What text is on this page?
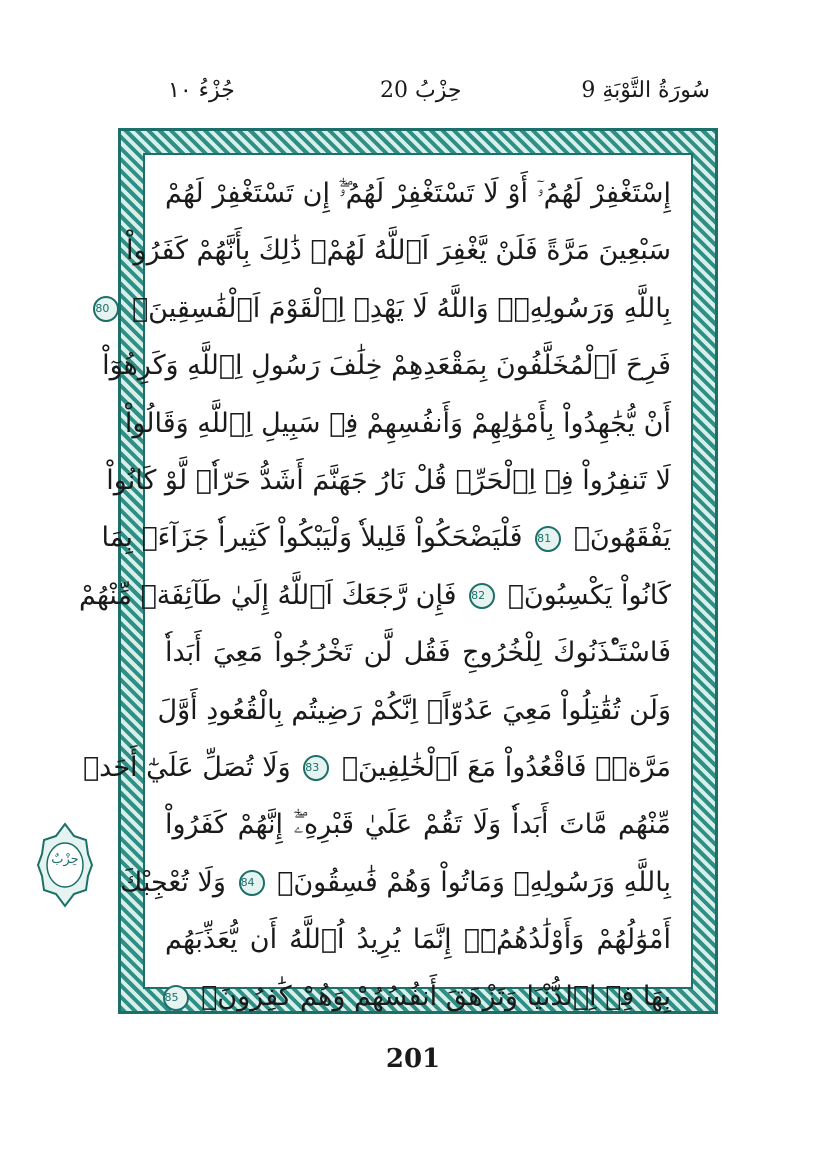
جُزْءُ ١٠	حِزْبُ 20	9 سُورَةُ التَّوْبَةِ
إِسْتَغْفِرْ لَهُمُۥٓ أَوْ لَا تَسْتَغْفِرْ لَهُمُۥٓۖ إِن تَسْتَغْفِرْ لَهُمْ
سَبْعِينَ مَرَّةً فَلَنْ يَّغْفِرَ اَ۬للَّهُ لَهُمْۖ ذَٰلِكَ بِأَنَّهُمْ كَفَرُواْ
بِاللَّهِ وَرَسُولِهِۦۖ وَاللَّهُ لَا يَهْدِے اِ۬لْقَوْمَ اَ۬لْفَٰسِقِينَۖ 80
فَرِحَ اَ۬لْمُخَلَّفُونَ بِمَقْعَدِهِمْ خِلَٰفَ رَسُولِ اِ۬للَّهِ وَكَرِهُوٓاْ
أَنْ يُّجَٰهِدُواْ بِأَمْوَٰلِهِمْ وَأَنفُسِهِمْ فِے سَبِيلِ اِ۬للَّهِ وَقَالُواْ
لَا تَنفِرُواْ فِے اِ۬لْحَرِّۖ قُلْ نَارُ جَهَنَّمَ أَشَدُّ حَرّاٗۖ لَّوْ كَانُواْ
يَفْقَهُونَۖ 81 فَلْيَضْحَكُواْ قَلِيلاٗ وَلْيَبْكُواْ كَثِيراٗ جَزَآءَۢ بِمَا
كَانُواْ يَكْسِبُونَۖ 82 فَإِن رَّجَعَكَ اَ۬للَّهُ إِلَيٰ طَآئِفَةٖ مِّنْهُمْ
فَاسْتَـْٔذَنُوكَ لِلْخُرُوجِ فَقُل لَّن تَخْرُجُواْ مَعِيَ أَبَداٗ
وَلَن تُقَٰتِلُواْ مَعِيَ عَدُوّاًۖ اِنَّكُمْ رَضِيتُم بِالْقُعُودِ أَوَّلَ
مَرَّةٖۖ فَاقْعُدُواْ مَعَ اَ۬لْخَٰلِفِينَۖ 83 وَلَا تُصَلِّ عَلَيٰٓ أَحَدٖ
مِّنْهُم مَّاتَ أَبَداٗ وَلَا تَقُمْ عَلَيٰ قَبْرِهِۦٓۖ إِنَّهُمْ كَفَرُواْ
بِاللَّهِ وَرَسُولِهِۦ وَمَاتُواْ وَهُمْ فَٰسِقُونَۖ 84 وَلَا تُعْجِبْكَ
أَمْوَٰلُهُمْ وَأَوْلَٰدُهُمُۥٓۖ إِنَّمَا يُرِيدُ اُ۬للَّهُ أَن يُّعَذِّبَهُم
بِهَا فِے اِ۬لدُّنْيَا وَتَزْهَقَ أَنفُسُهُمْ وَهُمْ كَٰفِرُونَۖ 85
حِزْبٌ
201
